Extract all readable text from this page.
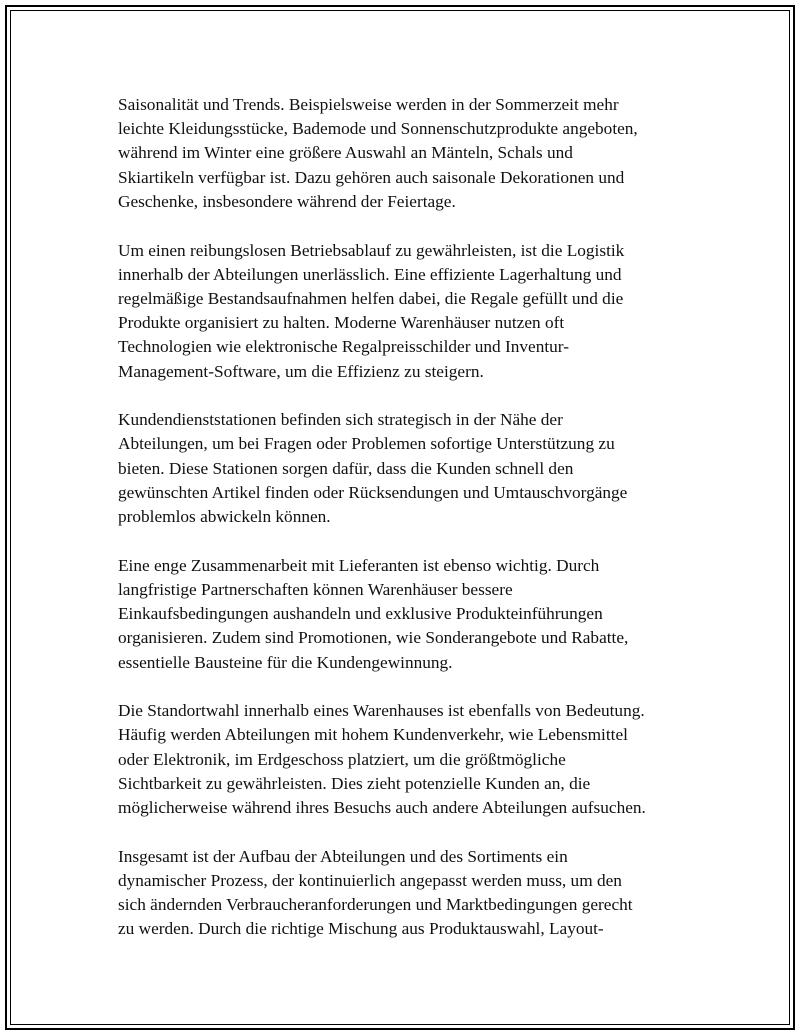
Saisonalität und Trends. Beispielsweise werden in der Sommerzeit mehr
leichte Kleidungsstücke, Bademode und Sonnenschutzprodukte angeboten,
während im Winter eine größere Auswahl an Mänteln, Schals und
Skiartikeln verfügbar ist. Dazu gehören auch saisonale Dekorationen und
Geschenke, insbesondere während der Feiertage.

Um einen reibungslosen Betriebsablauf zu gewährleisten, ist die Logistik
innerhalb der Abteilungen unerlässlich. Eine effiziente Lagerhaltung und
regelmäßige Bestandsaufnahmen helfen dabei, die Regale gefüllt und die
Produkte organisiert zu halten. Moderne Warenhäuser nutzen oft
Technologien wie elektronische Regalpreisschilder und Inventur-
Management-Software, um die Effizienz zu steigern.

Kundendienststationen befinden sich strategisch in der Nähe der
Abteilungen, um bei Fragen oder Problemen sofortige Unterstützung zu
bieten. Diese Stationen sorgen dafür, dass die Kunden schnell den
gewünschten Artikel finden oder Rücksendungen und Umtauschvorgänge
problemlos abwickeln können.

Eine enge Zusammenarbeit mit Lieferanten ist ebenso wichtig. Durch
langfristige Partnerschaften können Warenhäuser bessere
Einkaufsbedingungen aushandeln und exklusive Produkteinführungen
organisieren. Zudem sind Promotionen, wie Sonderangebote und Rabatte,
essentielle Bausteine für die Kundengewinnung.

Die Standortwahl innerhalb eines Warenhauses ist ebenfalls von Bedeutung.
Häufig werden Abteilungen mit hohem Kundenverkehr, wie Lebensmittel
oder Elektronik, im Erdgeschoss platziert, um die größtmögliche
Sichtbarkeit zu gewährleisten. Dies zieht potenzielle Kunden an, die
möglicherweise während ihres Besuchs auch andere Abteilungen aufsuchen.

Insgesamt ist der Aufbau der Abteilungen und des Sortiments ein
dynamischer Prozess, der kontinuierlich angepasst werden muss, um den
sich ändernden Verbraucheranforderungen und Marktbedingungen gerecht
zu werden. Durch die richtige Mischung aus Produktauswahl, Layout-
